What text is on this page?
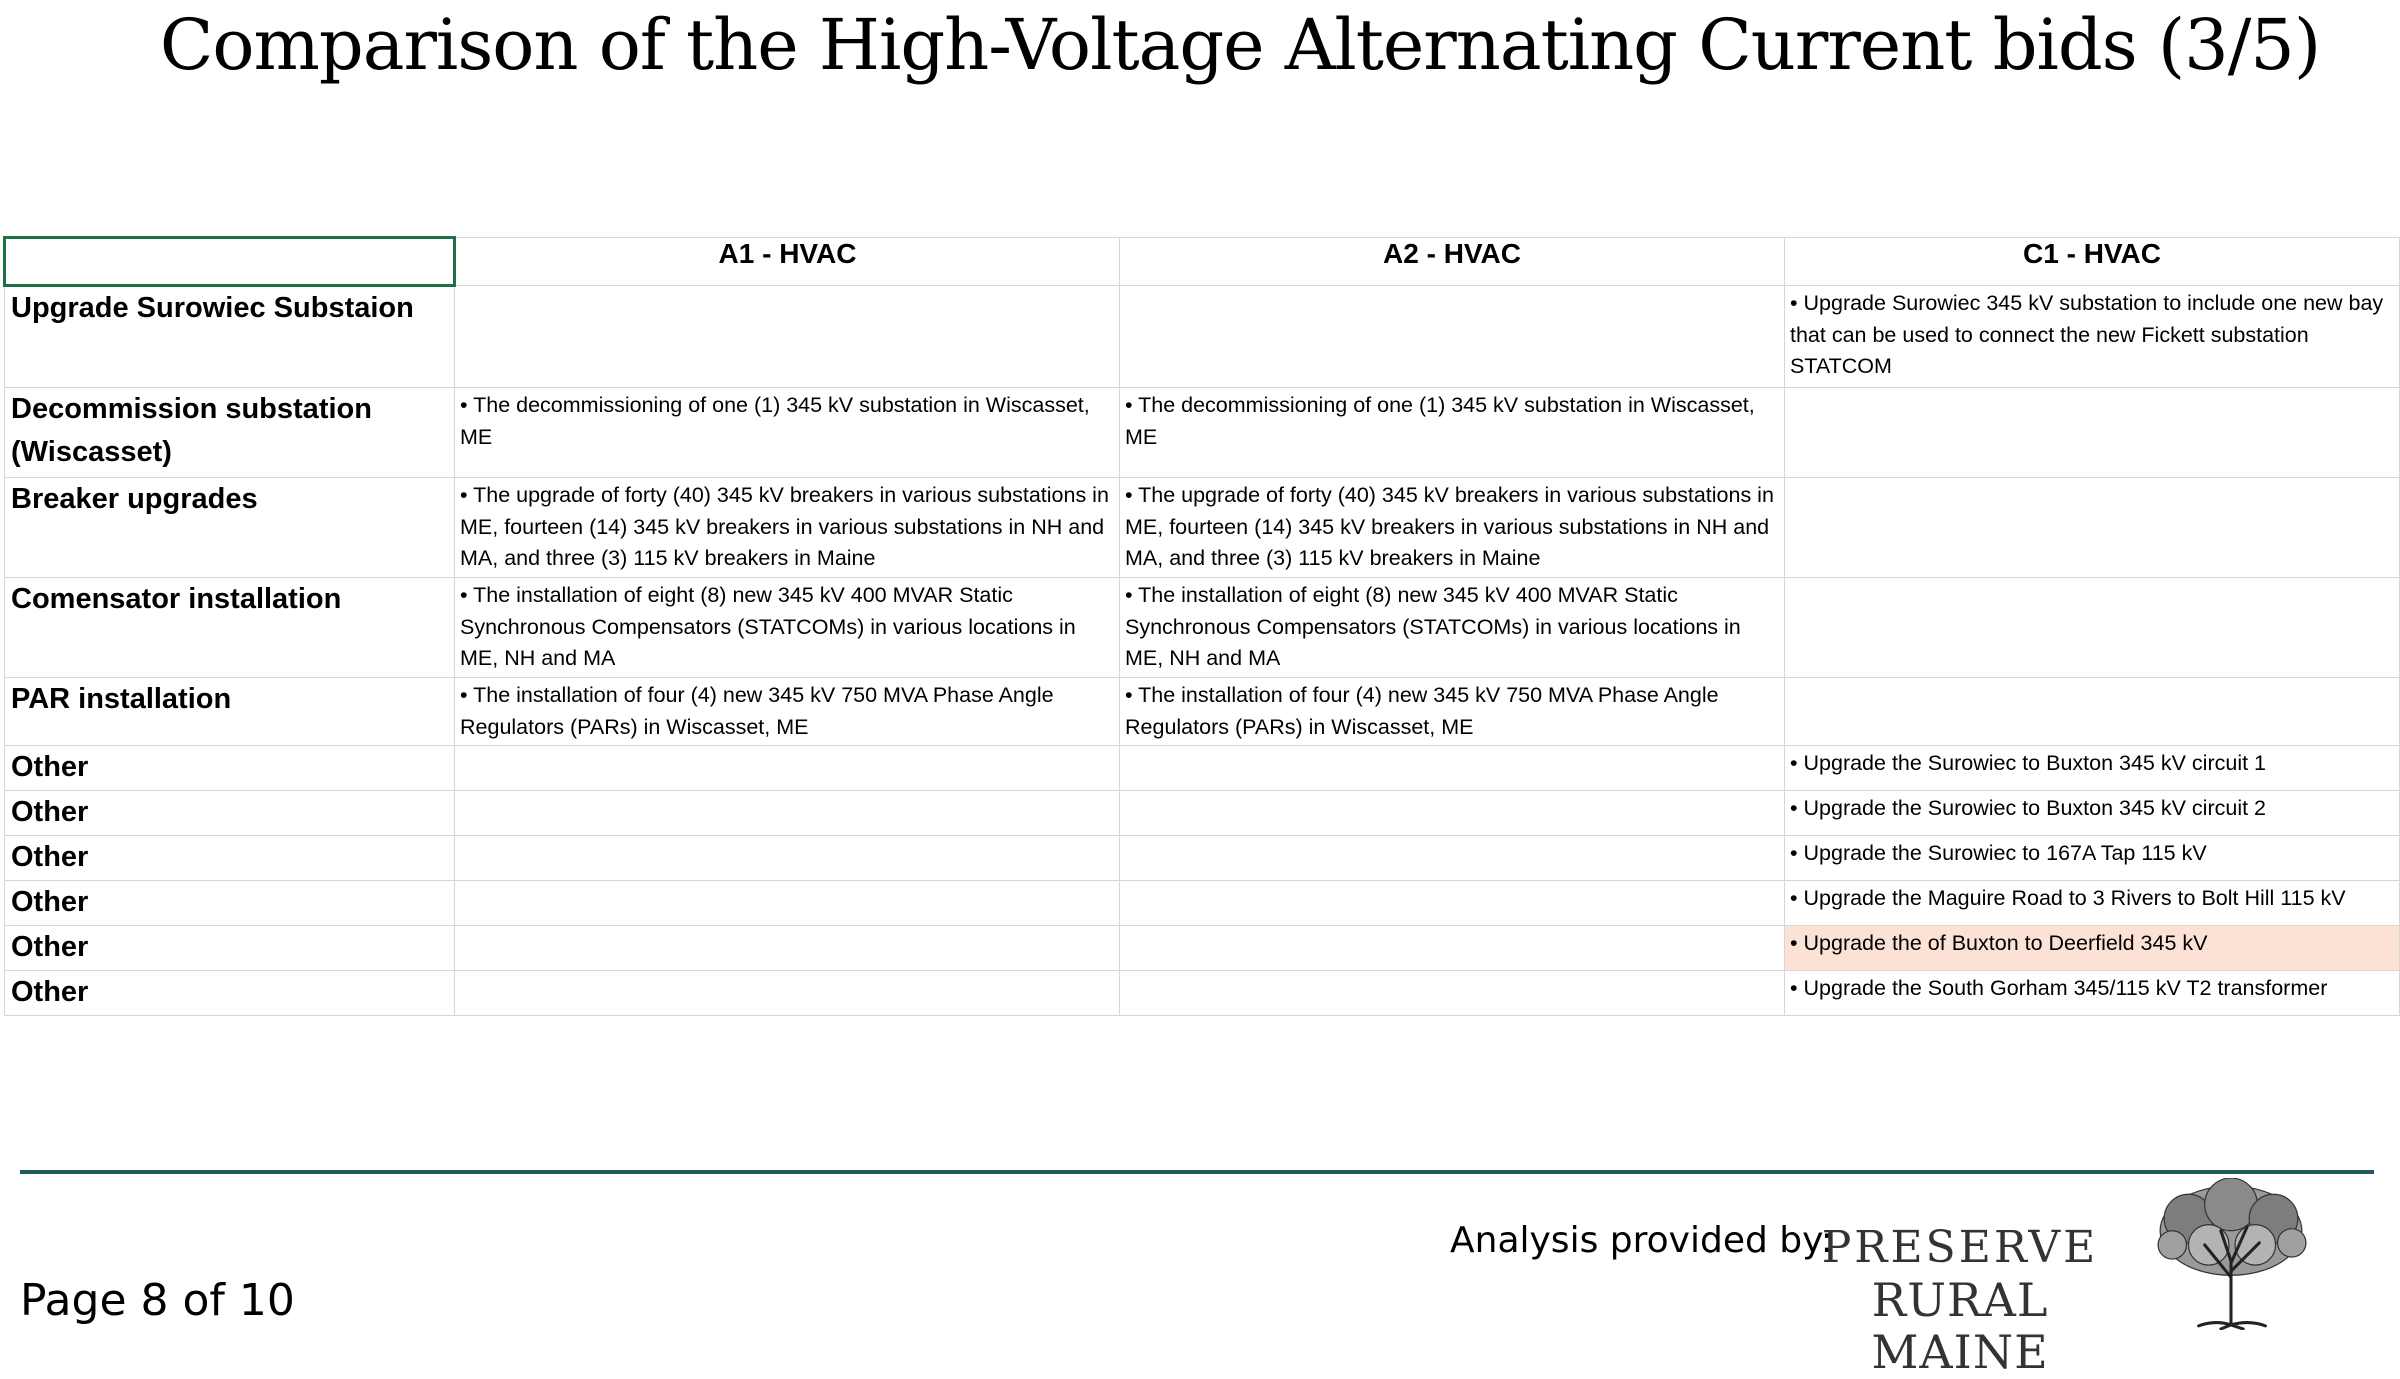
Comparison of the High-Voltage Alternating Current bids (3/5)
	A1 - HVAC	A2 - HVAC	C1 - HVAC
Upgrade Surowiec Substaion			• Upgrade Surowiec 345 kV substation to include one new bay that can be used to connect the new Fickett substation STATCOM
Decommission substation (Wiscasset)	• The decommissioning of one (1) 345 kV substation in Wiscasset, ME	• The decommissioning of one (1) 345 kV substation in Wiscasset, ME	
Breaker upgrades	• The upgrade of forty (40) 345 kV breakers in various substations in ME, fourteen (14) 345 kV breakers in various substations in NH and MA, and three (3) 115 kV breakers in Maine	• The upgrade of forty (40) 345 kV breakers in various substations in ME, fourteen (14) 345 kV breakers in various substations in NH and MA, and three (3) 115 kV breakers in Maine	
Comensator installation	• The installation of eight (8) new 345 kV 400 MVAR Static Synchronous Compensators (STATCOMs) in various locations in ME, NH and MA	• The installation of eight (8) new 345 kV 400 MVAR Static Synchronous Compensators (STATCOMs) in various locations in ME, NH and MA	
PAR installation	• The installation of four (4) new 345 kV 750 MVA Phase Angle Regulators (PARs) in Wiscasset, ME	• The installation of four (4) new 345 kV 750 MVA Phase Angle Regulators (PARs) in Wiscasset, ME	
Other			• Upgrade the Surowiec to Buxton 345 kV circuit 1
Other			• Upgrade the Surowiec to Buxton 345 kV circuit 2
Other			• Upgrade the Surowiec to 167A Tap 115 kV
Other			• Upgrade the Maguire Road to 3 Rivers to Bolt Hill 115 kV
Other			• Upgrade the of Buxton to Deerfield 345 kV
Other			• Upgrade the South Gorham 345/115 kV T2 transformer
Page 8 of 10
Analysis provided by:
PRESERVE
RURAL MAINE
